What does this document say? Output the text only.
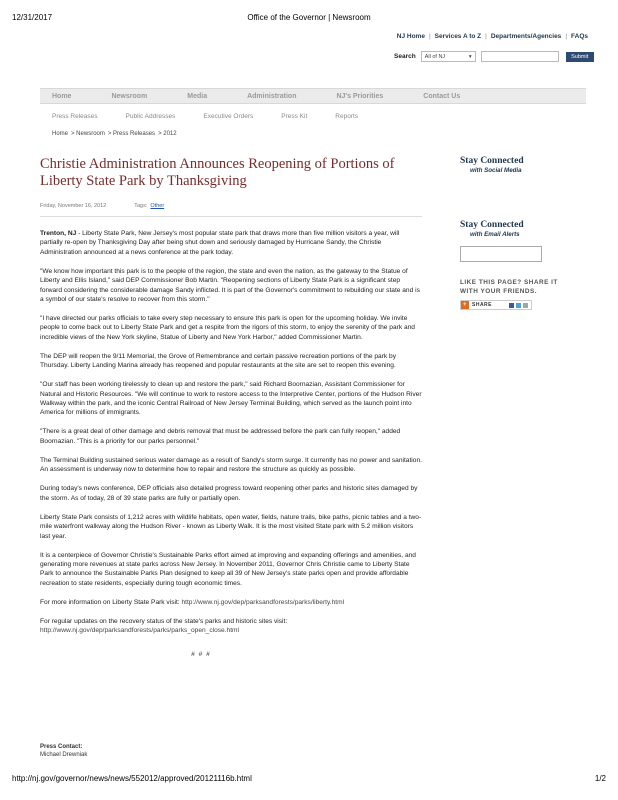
12/31/2017	Office of the Governor | Newsroom
NJ Home | Services A to Z | Departments/Agencies | FAQs
Search All of NJ	▾	Submit
Home	Newsroom	Media	Administration	NJ's Priorities	Contact Us
Press Releases	Public Addresses	Executive Orders	Press Kit	Reports
Home > Newsroom > Press Releases > 2012
Christie Administration Announces Reopening of Portions of Liberty State Park by Thanksgiving
Friday, November 16, 2012	Tags: Other

Trenton, NJ - Liberty State Park, New Jersey's most popular state park that draws more than five million visitors a year, will partially re-open by Thanksgiving Day after being shut down and seriously damaged by Hurricane Sandy, the Christie Administration announced at a news conference at the park today.

"We know how important this park is to the people of the region, the state and even the nation, as the gateway to the Statue of Liberty and Ellis Island," said DEP Commissioner Bob Martin. "Reopening sections of Liberty State Park is a significant step forward considering the considerable damage Sandy inflicted. It is part of the Governor's commitment to rebuilding our state and is a symbol of our state's resolve to recover from this storm."

"I have directed our parks officials to take every step necessary to ensure this park is open for the upcoming holiday. We invite people to come back out to Liberty State Park and get a respite from the rigors of this storm, to enjoy the serenity of the park and incredible views of the New York skyline, Statue of Liberty and New York Harbor," added Commissioner Martin.

The DEP will reopen the 9/11 Memorial, the Grove of Remembrance and certain passive recreation portions of the park by Thursday. Liberty Landing Marina already has reopened and popular restaurants at the site are set to reopen this evening.

"Our staff has been working tirelessly to clean up and restore the park," said Richard Boornazian, Assistant Commissioner for Natural and Historic Resources. "We will continue to work to restore access to the Interpretive Center, portions of the Hudson River Walkway within the park, and the iconic Central Railroad of New Jersey Terminal Building, which served as the launch point into America for millions of immigrants.

"There is a great deal of other damage and debris removal that must be addressed before the park can fully reopen," added Boornazian. "This is a priority for our parks personnel."

The Terminal Building sustained serious water damage as a result of Sandy's storm surge. It currently has no power and sanitation. An assessment is underway now to determine how to repair and restore the structure as quickly as possible.

During today's news conference, DEP officials also detailed progress toward reopening other parks and historic sites damaged by the storm. As of today, 28 of 39 state parks are fully or partially open.

Liberty State Park consists of 1,212 acres with wildlife habitats, open water, fields, nature trails, bike paths, picnic tables and a two-mile waterfront walkway along the Hudson River - known as Liberty Walk. It is the most visited State park with 5.2 million visitors last year.

It is a centerpiece of Governor Christie's Sustainable Parks effort aimed at improving and expanding offerings and amenities, and generating more revenues at state parks across New Jersey. In November 2011, Governor Chris Christie came to Liberty State Park to announce the Sustainable Parks Plan designed to keep all 39 of New Jersey's state parks open and provide affordable recreation to state residents, especially during tough economic times.

For more information on Liberty State Park visit: http://www.nj.gov/dep/parksandforests/parks/liberty.html

For regular updates on the recovery status of the state's parks and historic sites visit:
http://www.nj.gov/dep/parksandforests/parks/parks_open_close.html

# # #
Press Contact:
Michael Drewniak
Stay Connected
with Social Media
Stay Connected
with Email Alerts
LIKE THIS PAGE? SHARE IT
WITH YOUR FRIENDS.
+	SHARE
http://nj.gov/governor/news/news/552012/approved/20121116b.html	1/2
